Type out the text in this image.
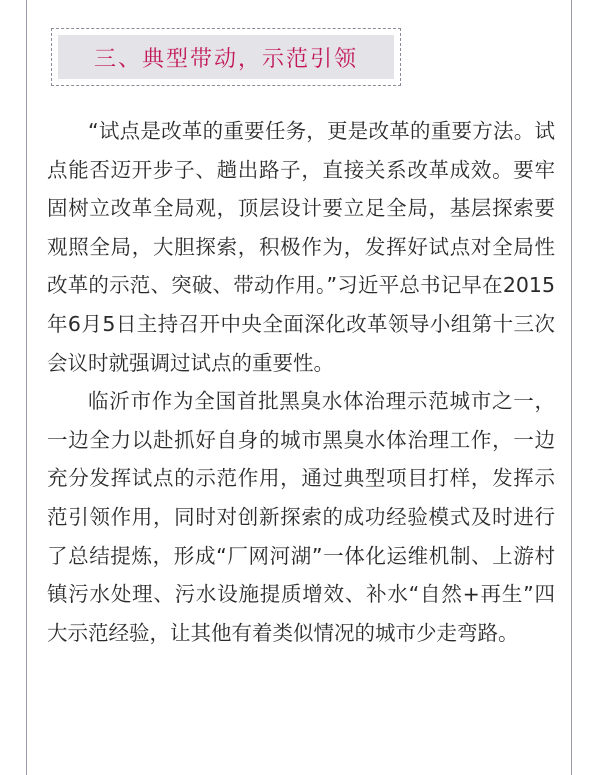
三、典型带动，示范引领

“试点是改革的重要任务，更是改革的重要方法。试点能否迈开步子、趟出路子，直接关系改革成效。要牢固树立改革全局观，顶层设计要立足全局，基层探索要观照全局，大胆探索，积极作为，发挥好试点对全局性改革的示范、突破、带动作用。”习近平总书记早在2015年6月5日主持召开中央全面深化改革领导小组第十三次会议时就强调过试点的重要性。

临沂市作为全国首批黑臭水体治理示范城市之一，一边全力以赴抓好自身的城市黑臭水体治理工作，一边充分发挥试点的示范作用，通过典型项目打样，发挥示范引领作用，同时对创新探索的成功经验模式及时进行了总结提炼，形成“厂网河湖”一体化运维机制、上游村镇污水处理、污水设施提质增效、补水“自然+再生”四大示范经验，让其他有着类似情况的城市少走弯路。
